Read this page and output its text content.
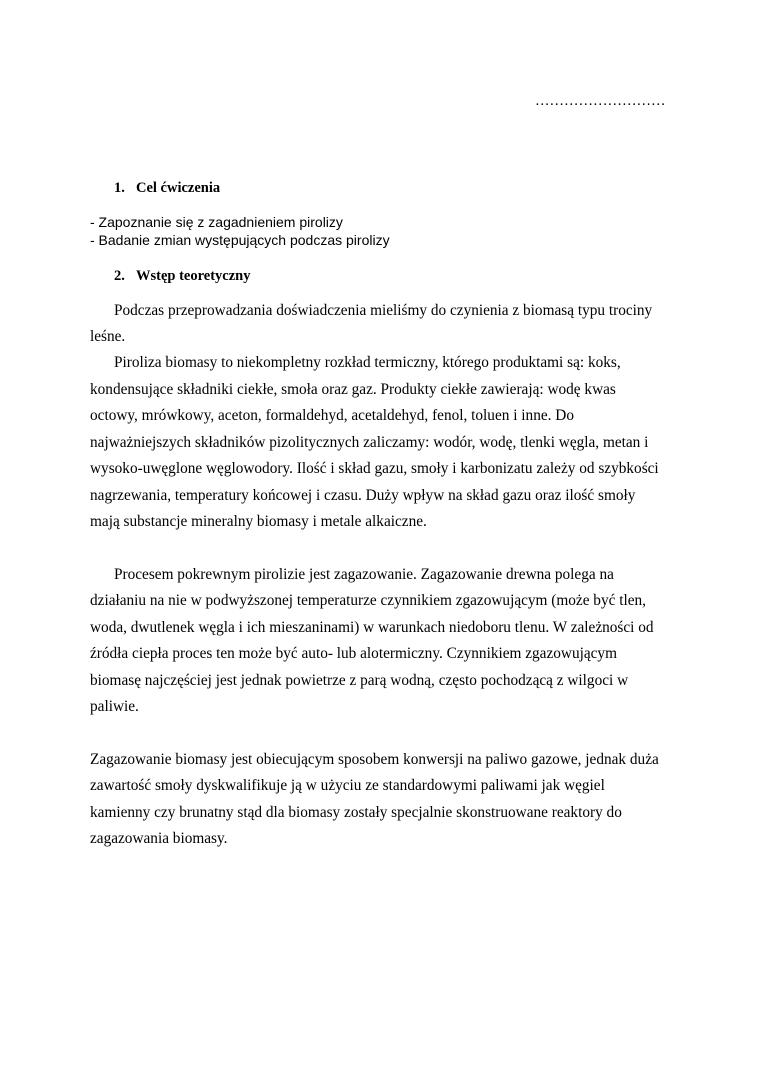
………………………
1. Cel ćwiczenia
- Zapoznanie się z zagadnieniem pirolizy
- Badanie zmian występujących podczas pirolizy
2. Wstęp teoretyczny
Podczas przeprowadzania doświadczenia mieliśmy do czynienia z biomasą typu trociny
leśne.
Piroliza biomasy to niekompletny rozkład termiczny, którego produktami są: koks,
kondensujące składniki ciekłe, smoła oraz gaz. Produkty ciekłe zawierają: wodę kwas
octowy, mrówkowy, aceton, formaldehyd, acetaldehyd, fenol, toluen i inne. Do
najważniejszych składników pizolitycznych zaliczamy: wodór, wodę, tlenki węgla, metan i
wysoko-uwęglone węglowodory. Ilość i skład gazu, smoły i karbonizatu zależy od szybkości
nagrzewania, temperatury końcowej i czasu. Duży wpływ na skład gazu oraz ilość smoły
mają substancje mineralny biomasy i metale alkaiczne.
Procesem pokrewnym pirolizie jest zagazowanie. Zagazowanie drewna polega na
działaniu na nie w podwyższonej temperaturze czynnikiem zgazowującym (może być tlen,
woda, dwutlenek węgla i ich mieszaninami) w warunkach niedoboru tlenu. W zależności od
źródła ciepła proces ten może być auto- lub alotermiczny. Czynnikiem zgazowującym
biomasę najczęściej jest jednak powietrze z parą wodną, często pochodzącą z wilgoci w
paliwie.
Zagazowanie biomasy jest obiecującym sposobem konwersji na paliwo gazowe, jednak duża
zawartość smoły dyskwalifikuje ją w użyciu ze standardowymi paliwami jak węgiel
kamienny czy brunatny stąd dla biomasy zostały specjalnie skonstruowane reaktory do
zagazowania biomasy.
